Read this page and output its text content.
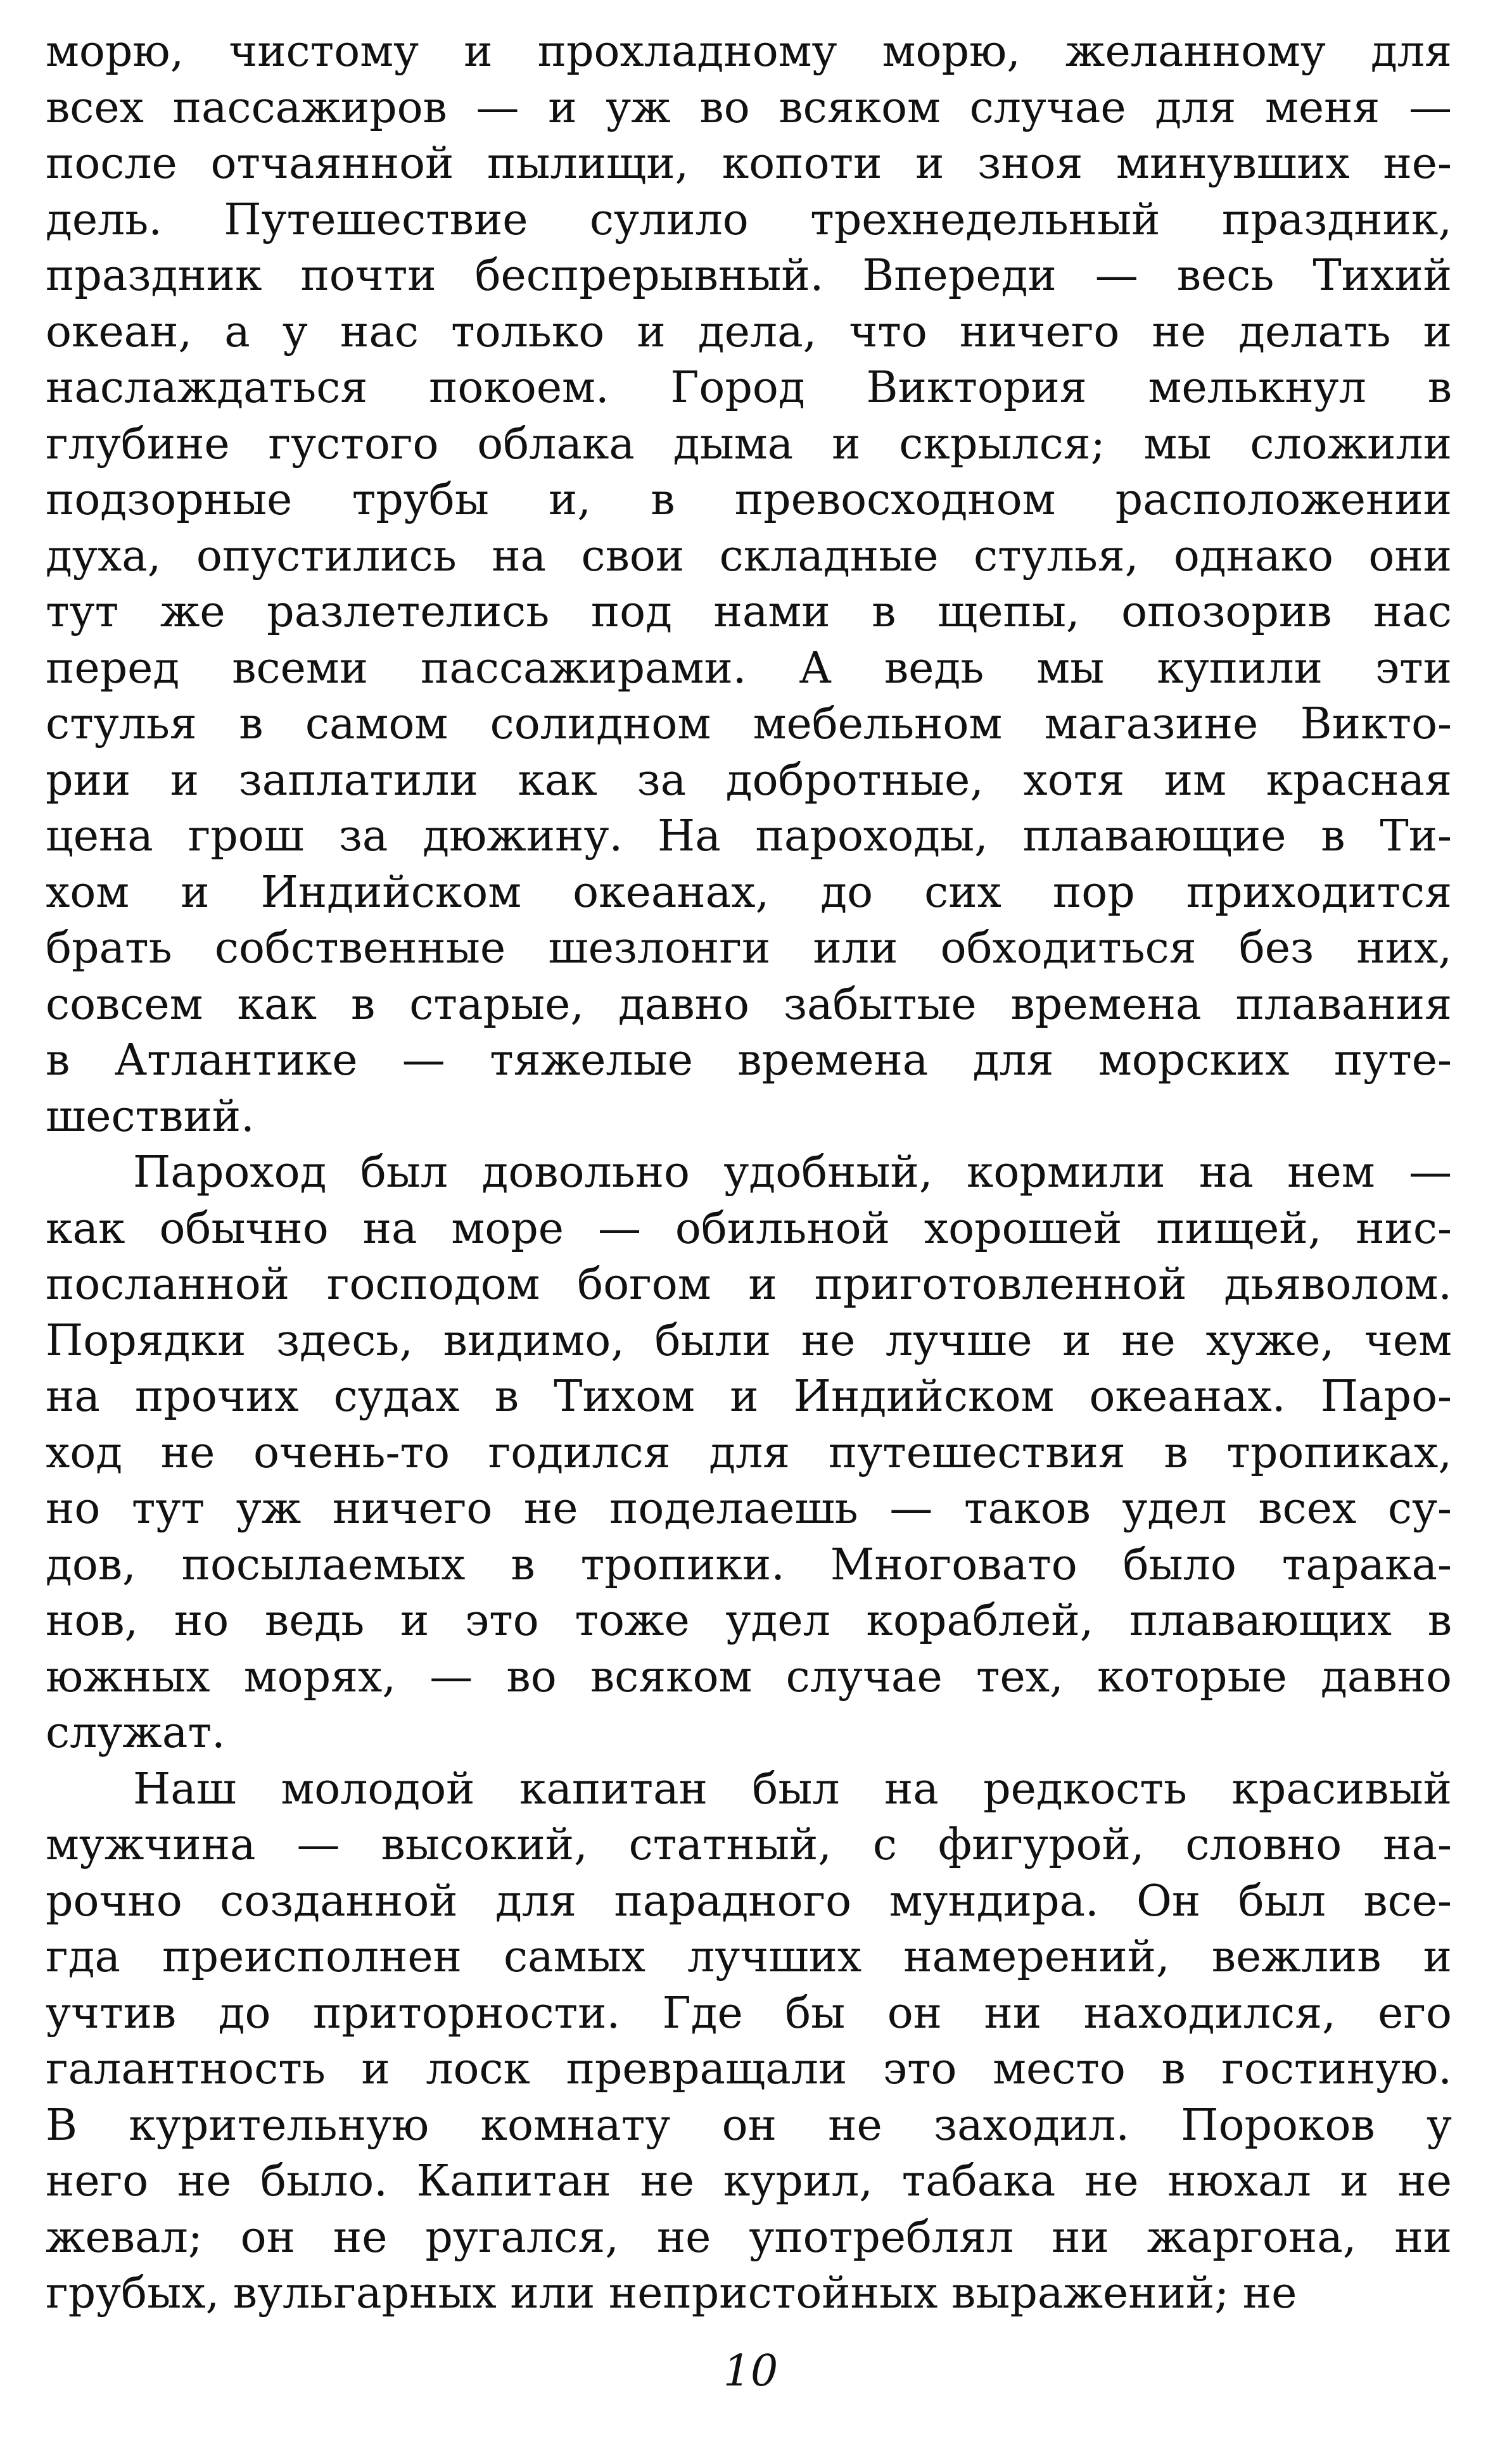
морю, чистому и прохладному морю, желанному для
всех пассажиров — и уж во всяком случае для меня —
после отчаянной пылищи, копоти и зноя минувших не-
дель. Путешествие сулило трехнедельный праздник,
праздник почти беспрерывный. Впереди — весь Тихий
океан, а у нас только и дела, что ничего не делать и
наслаждаться покоем. Город Виктория мелькнул в
глубине густого облака дыма и скрылся; мы сложили
подзорные трубы и, в превосходном расположении
духа, опустились на свои складные стулья, однако они
тут же разлетелись под нами в щепы, опозорив нас
перед всеми пассажирами. А ведь мы купили эти
стулья в самом солидном мебельном магазине Викто-
рии и заплатили как за добротные, хотя им красная
цена грош за дюжину. На пароходы, плавающие в Ти-
хом и Индийском океанах, до сих пор приходится
брать собственные шезлонги или обходиться без них,
совсем как в старые, давно забытые времена плавания
в Атлантике — тяжелые времена для морских путе-
шествий.
Пароход был довольно удобный, кормили на нем —
как обычно на море — обильной хорошей пищей, нис-
посланной господом богом и приготовленной дьяволом.
Порядки здесь, видимо, были не лучше и не хуже, чем
на прочих судах в Тихом и Индийском океанах. Паро-
ход не очень-то годился для путешествия в тропиках,
но тут уж ничего не поделаешь — таков удел всех су-
дов, посылаемых в тропики. Многовато было тарака-
нов, но ведь и это тоже удел кораблей, плавающих в
южных морях, — во всяком случае тех, которые давно
служат.
Наш молодой капитан был на редкость красивый
мужчина — высокий, статный, с фигурой, словно на-
рочно созданной для парадного мундира. Он был все-
гда преисполнен самых лучших намерений, вежлив и
учтив до приторности. Где бы он ни находился, его
галантность и лоск превращали это место в гостиную.
В курительную комнату он не заходил. Пороков у
него не было. Капитан не курил, табака не нюхал и не
жевал; он не ругался, не употреблял ни жаргона, ни
грубых, вульгарных или непристойных выражений; не
10
